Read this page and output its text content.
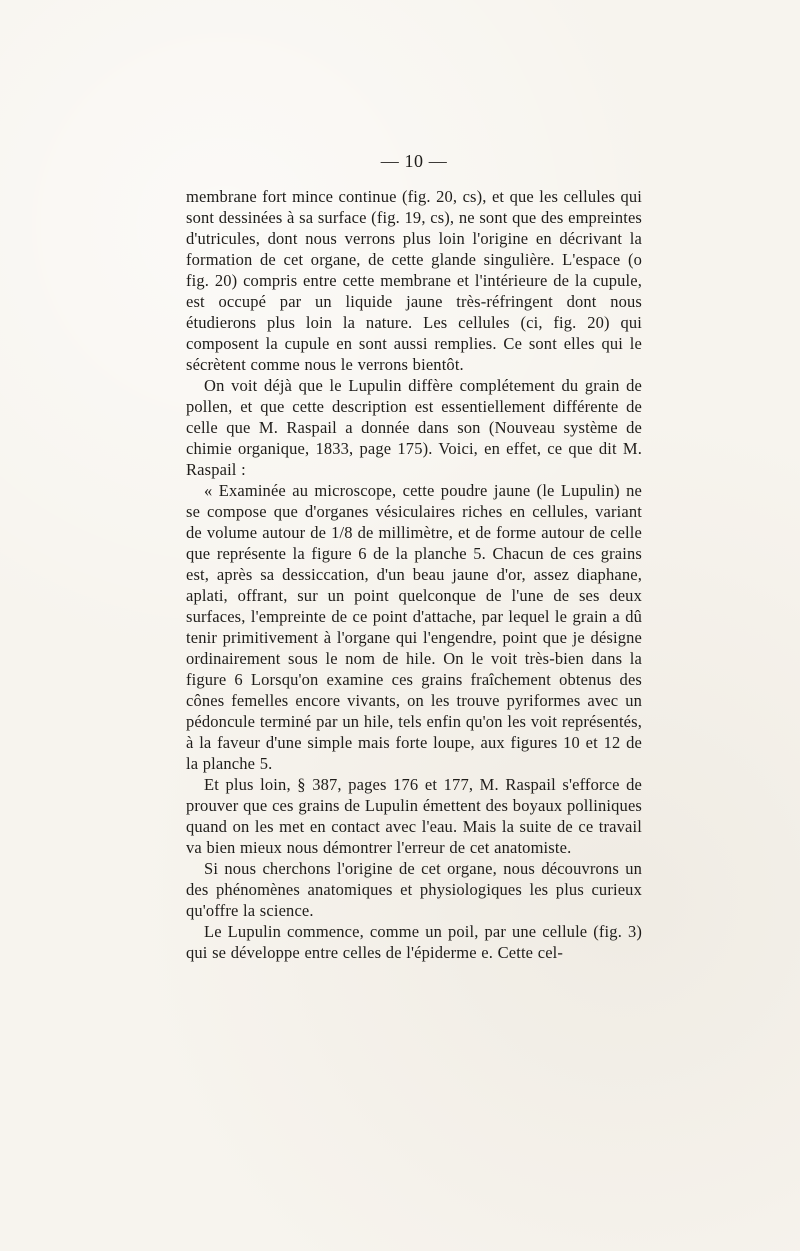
— 10 —

membrane fort mince continue (fig. 20, cs), et que les cellules qui sont dessinées à sa surface (fig. 19, cs), ne sont que des empreintes d'utricules, dont nous verrons plus loin l'origine en décrivant la formation de cet organe, de cette glande singulière. L'espace (o fig. 20) compris entre cette membrane et l'intérieure de la cupule, est occupé par un liquide jaune très-réfringent dont nous étudierons plus loin la nature. Les cellules (ci, fig. 20) qui composent la cupule en sont aussi remplies. Ce sont elles qui le sécrètent comme nous le verrons bientôt.

On voit déjà que le Lupulin diffère complétement du grain de pollen, et que cette description est essentiellement différente de celle que M. Raspail a donnée dans son (Nouveau système de chimie organique, 1833, page 175). Voici, en effet, ce que dit M. Raspail :

« Examinée au microscope, cette poudre jaune (le Lupulin) ne se compose que d'organes vésiculaires riches en cellules, variant de volume autour de 1/8 de millimètre, et de forme autour de celle que représente la figure 6 de la planche 5. Chacun de ces grains est, après sa dessiccation, d'un beau jaune d'or, assez diaphane, aplati, offrant, sur un point quelconque de l'une de ses deux surfaces, l'empreinte de ce point d'attache, par lequel le grain a dû tenir primitivement à l'organe qui l'engendre, point que je désigne ordinairement sous le nom de hile. On le voit très-bien dans la figure 6 Lorsqu'on examine ces grains fraîchement obtenus des cônes femelles encore vivants, on les trouve pyriformes avec un pédoncule terminé par un hile, tels enfin qu'on les voit représentés, à la faveur d'une simple mais forte loupe, aux figures 10 et 12 de la planche 5.

Et plus loin, § 387, pages 176 et 177, M. Raspail s'efforce de prouver que ces grains de Lupulin émettent des boyaux polliniques quand on les met en contact avec l'eau. Mais la suite de ce travail va bien mieux nous démontrer l'erreur de cet anatomiste.

Si nous cherchons l'origine de cet organe, nous découvrons un des phénomènes anatomiques et physiologiques les plus curieux qu'offre la science.

Le Lupulin commence, comme un poil, par une cellule (fig. 3) qui se développe entre celles de l'épiderme e. Cette cel-
